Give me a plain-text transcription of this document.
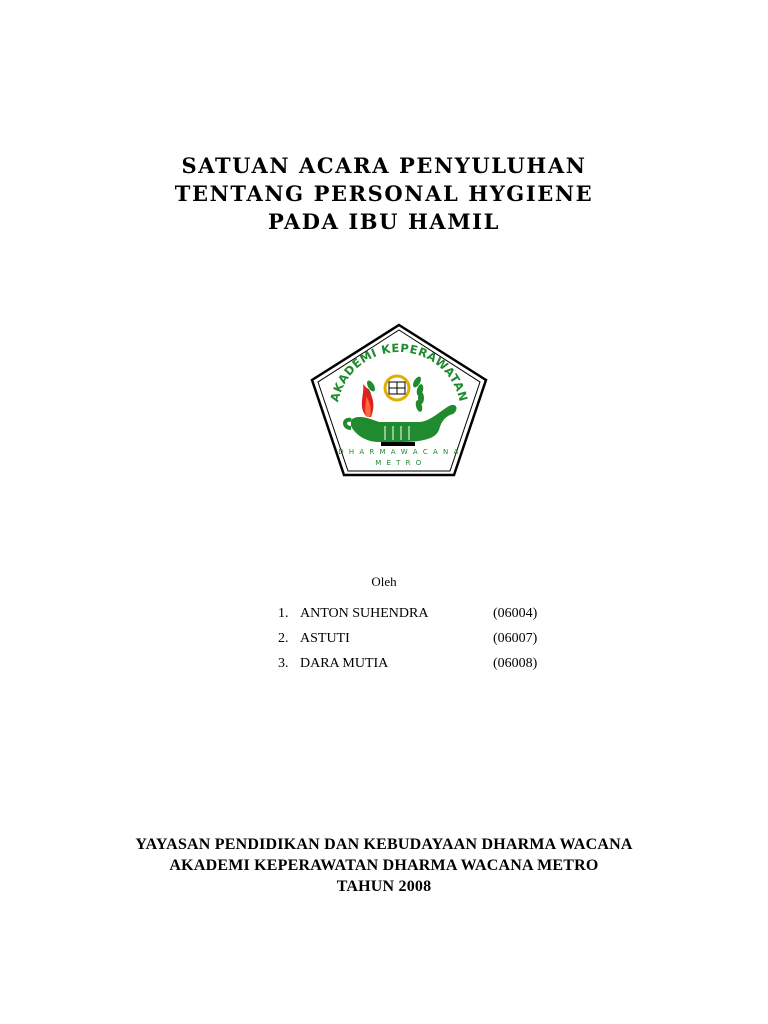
SATUAN ACARA PENYULUHAN

TENTANG PERSONAL HYGIENE

PADA IBU HAMIL

AKADEMI KEPERAWATAN
D H A R M A W A C A N A
M E T R O
Oleh
1. ANTON SUHENDRA	(06004)
2. ASTUTI	(06007)
3. DARA MUTIA	(06008)

YAYASAN PENDIDIKAN DAN KEBUDAYAAN DHARMA WACANA

AKADEMI KEPERAWATAN DHARMA WACANA METRO

TAHUN 2008
